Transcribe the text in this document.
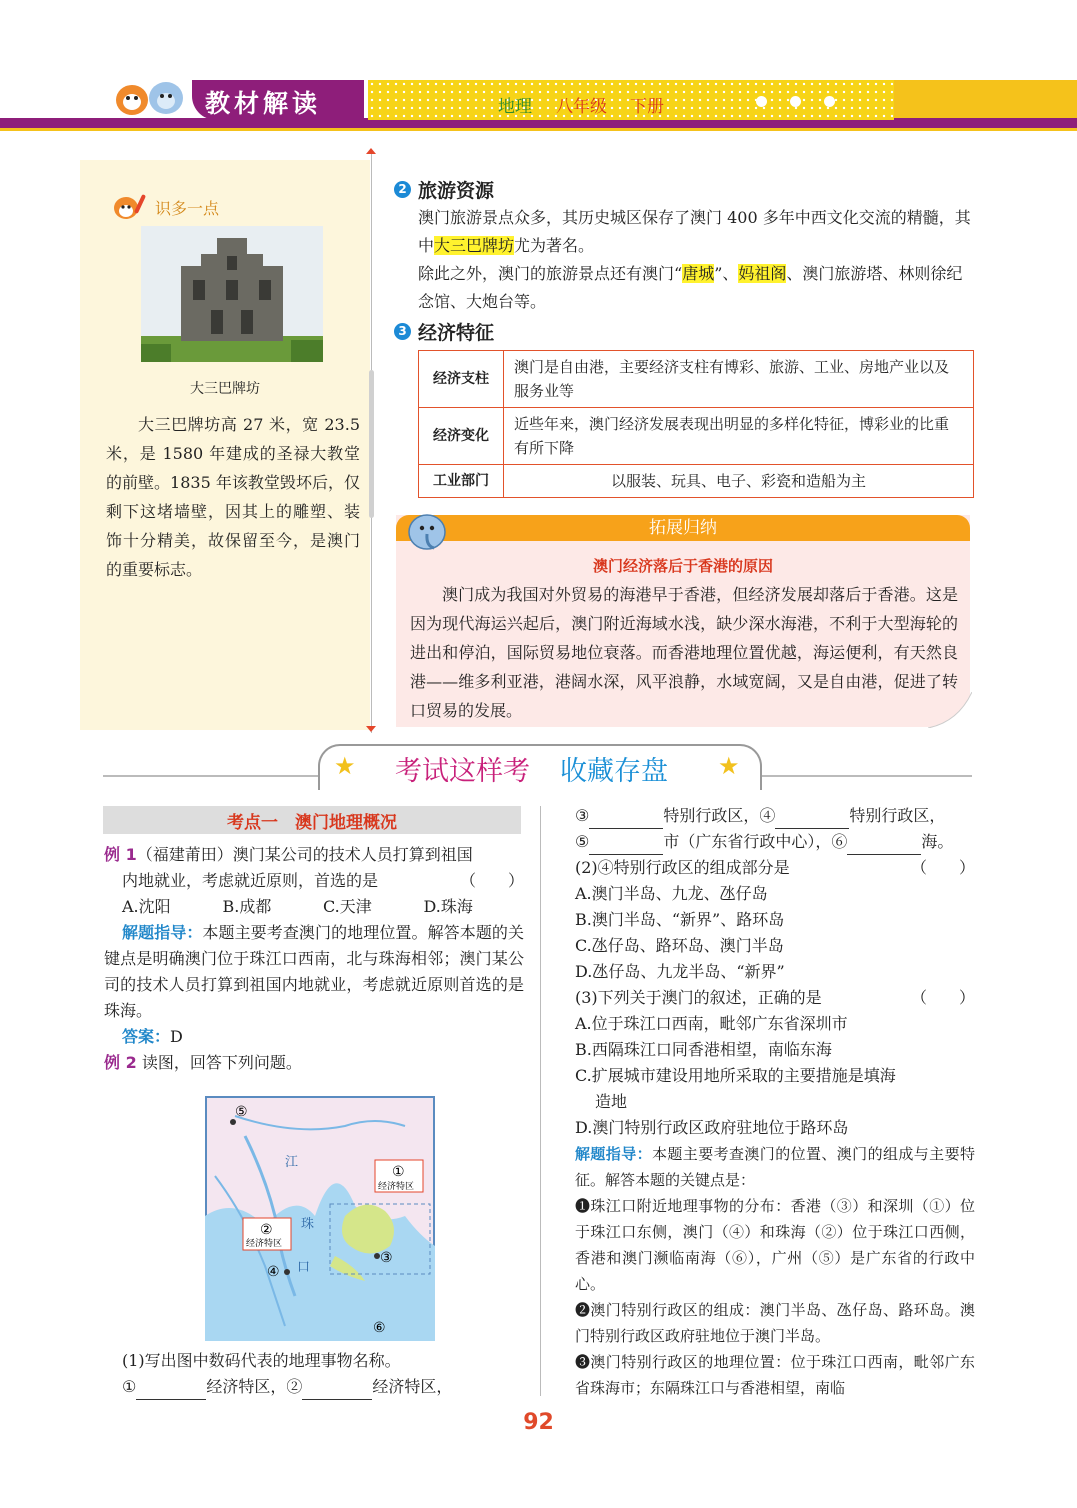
教材解读	地理 八年级 下册
识多一点
大三巴牌坊
大三巴牌坊高 27 米，宽 23.5 米，是 1580 年建成的圣禄大教堂的前壁。1835 年该教堂毁坏后，仅剩下这堵墙壁，因其上的雕塑、装饰十分精美，故保留至今，是澳门的重要标志。
2 旅游资源
澳门旅游景点众多，其历史城区保存了澳门 400 多年中西文化交流的精髓，其中大三巴牌坊尤为著名。
除此之外，澳门的旅游景点还有澳门“唐城”、妈祖阁、澳门旅游塔、林则徐纪念馆、大炮台等。
3 经济特征
经济支柱	澳门是自由港，主要经济支柱有博彩、旅游、工业、房地产业以及服务业等
经济变化	近些年来，澳门经济发展表现出明显的多样化特征，博彩业的比重有所下降
工业部门	以服装、玩具、电子、彩瓷和造船为主
拓展归纳
澳门经济落后于香港的原因
澳门成为我国对外贸易的海港早于香港，但经济发展却落后于香港。这是因为现代海运兴起后，澳门附近海域水浅，缺少深水海港，不利于大型海轮的进出和停泊，国际贸易地位衰落。而香港地理位置优越，海运便利，有天然良港——维多利亚港，港阔水深，风平浪静，水域宽阔，又是自由港，促进了转口贸易的发展。
★	★
考试这样考 收藏存盘
考点一　澳门地理概况
例 1（福建莆田）澳门某公司的技术人员打算到祖国
内地就业，考虑就近原则，首选的是	（　　）
A.沈阳	B.成都	C.天津	D.珠海
解题指导：本题主要考查澳门的地理位置。解答本题的关键点是明确澳门位于珠江口西南，北与珠海相邻；澳门某公司的技术人员打算到祖国内地就业，考虑就近原则首选的是珠海。
答案：D
例 2 读图，回答下列问题。
⑤
①
经济特区
②
经济特区
④
③
⑥
江
珠
口
(1)写出图中数码代表的地理事物名称。
①	经济特区，②	经济特区，
③	特别行政区，④	特别行政区，
⑤	市（广东省行政中心），⑥	海。
(2)④特别行政区的组成部分是	（　　）
A.澳门半岛、九龙、氹仔岛
B.澳门半岛、“新界”、路环岛
C.氹仔岛、路环岛、澳门半岛
D.氹仔岛、九龙半岛、“新界”
(3)下列关于澳门的叙述，正确的是	（　　）
A.位于珠江口西南，毗邻广东省深圳市
B.西隔珠江口同香港相望，南临东海
C.扩展城市建设用地所采取的主要措施是填海
造地
D.澳门特别行政区政府驻地位于路环岛
解题指导：本题主要考查澳门的位置、澳门的组成与主要特征。解答本题的关键点是：
❶珠江口附近地理事物的分布：香港（③）和深圳（①）位于珠江口东侧，澳门（④）和珠海（②）位于珠江口西侧，香港和澳门濒临南海（⑥），广州（⑤）是广东省的行政中心。
❷澳门特别行政区的组成：澳门半岛、氹仔岛、路环岛。澳门特别行政区政府驻地位于澳门半岛。
❸澳门特别行政区的地理位置：位于珠江口西南，毗邻广东省珠海市；东隔珠江口与香港相望，南临
92
